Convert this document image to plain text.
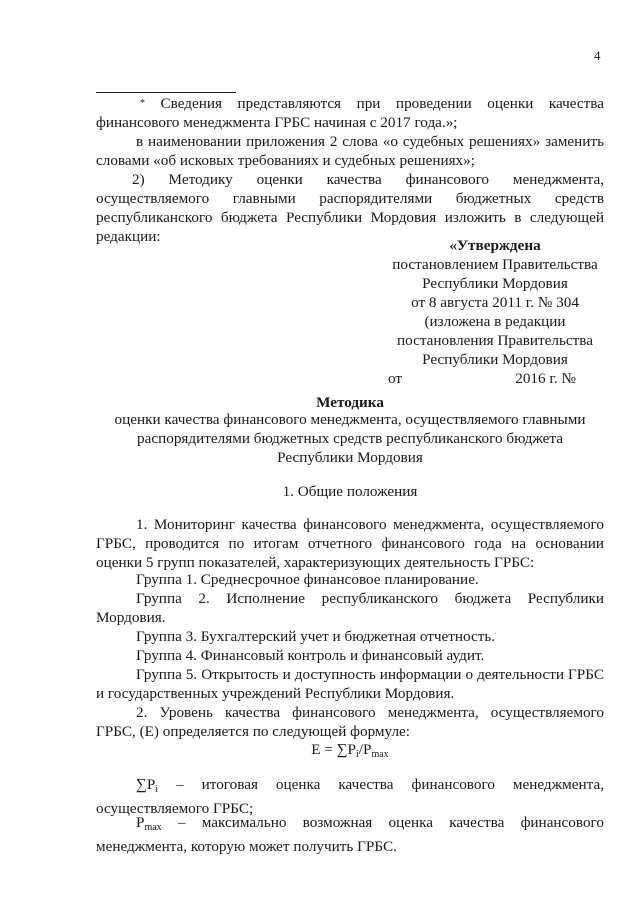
4
* Сведения представляются при проведении оценки качества финансового менеджмента ГРБС начиная с 2017 года.»;
в наименовании приложения 2 слова «о судебных решениях» заменить словами «об исковых требованиях и судебных решениях»;
2) Методику оценки качества финансового менеджмента, осуществляемого главными распорядителями бюджетных средств республиканского бюджета Республики Мордовия изложить в следующей редакции:
«Утверждена
постановлением Правительства
Республики Мордовия
от 8 августа 2011 г. № 304
(изложена в редакции
постановления Правительства
Республики Мордовия
от	2016 г. №
Методика
оценки качества финансового менеджмента, осуществляемого главными распорядителями бюджетных средств республиканского бюджета Республики Мордовия
1. Общие положения
1. Мониторинг качества финансового менеджмента, осуществляемого ГРБС, проводится по итогам отчетного финансового года на основании оценки 5 групп показателей, характеризующих деятельность ГРБС:
Группа 1. Среднесрочное финансовое планирование.
Группа 2. Исполнение республиканского бюджета Республики Мордовия.
Группа 3. Бухгалтерский учет и бюджетная отчетность.
Группа 4. Финансовый контроль и финансовый аудит.
Группа 5. Открытость и доступность информации о деятельности ГРБС и государственных учреждений Республики Мордовия.
2. Уровень качества финансового менеджмента, осуществляемого ГРБС, (Е) определяется по следующей формуле:
$E = \sum P_i/P_{max}$
$\sum P_i$ – итоговая оценка качества финансового менеджмента, осуществляемого ГРБС;
$P_{max}$ – максимально возможная оценка качества финансового менеджмента, которую может получить ГРБС.
